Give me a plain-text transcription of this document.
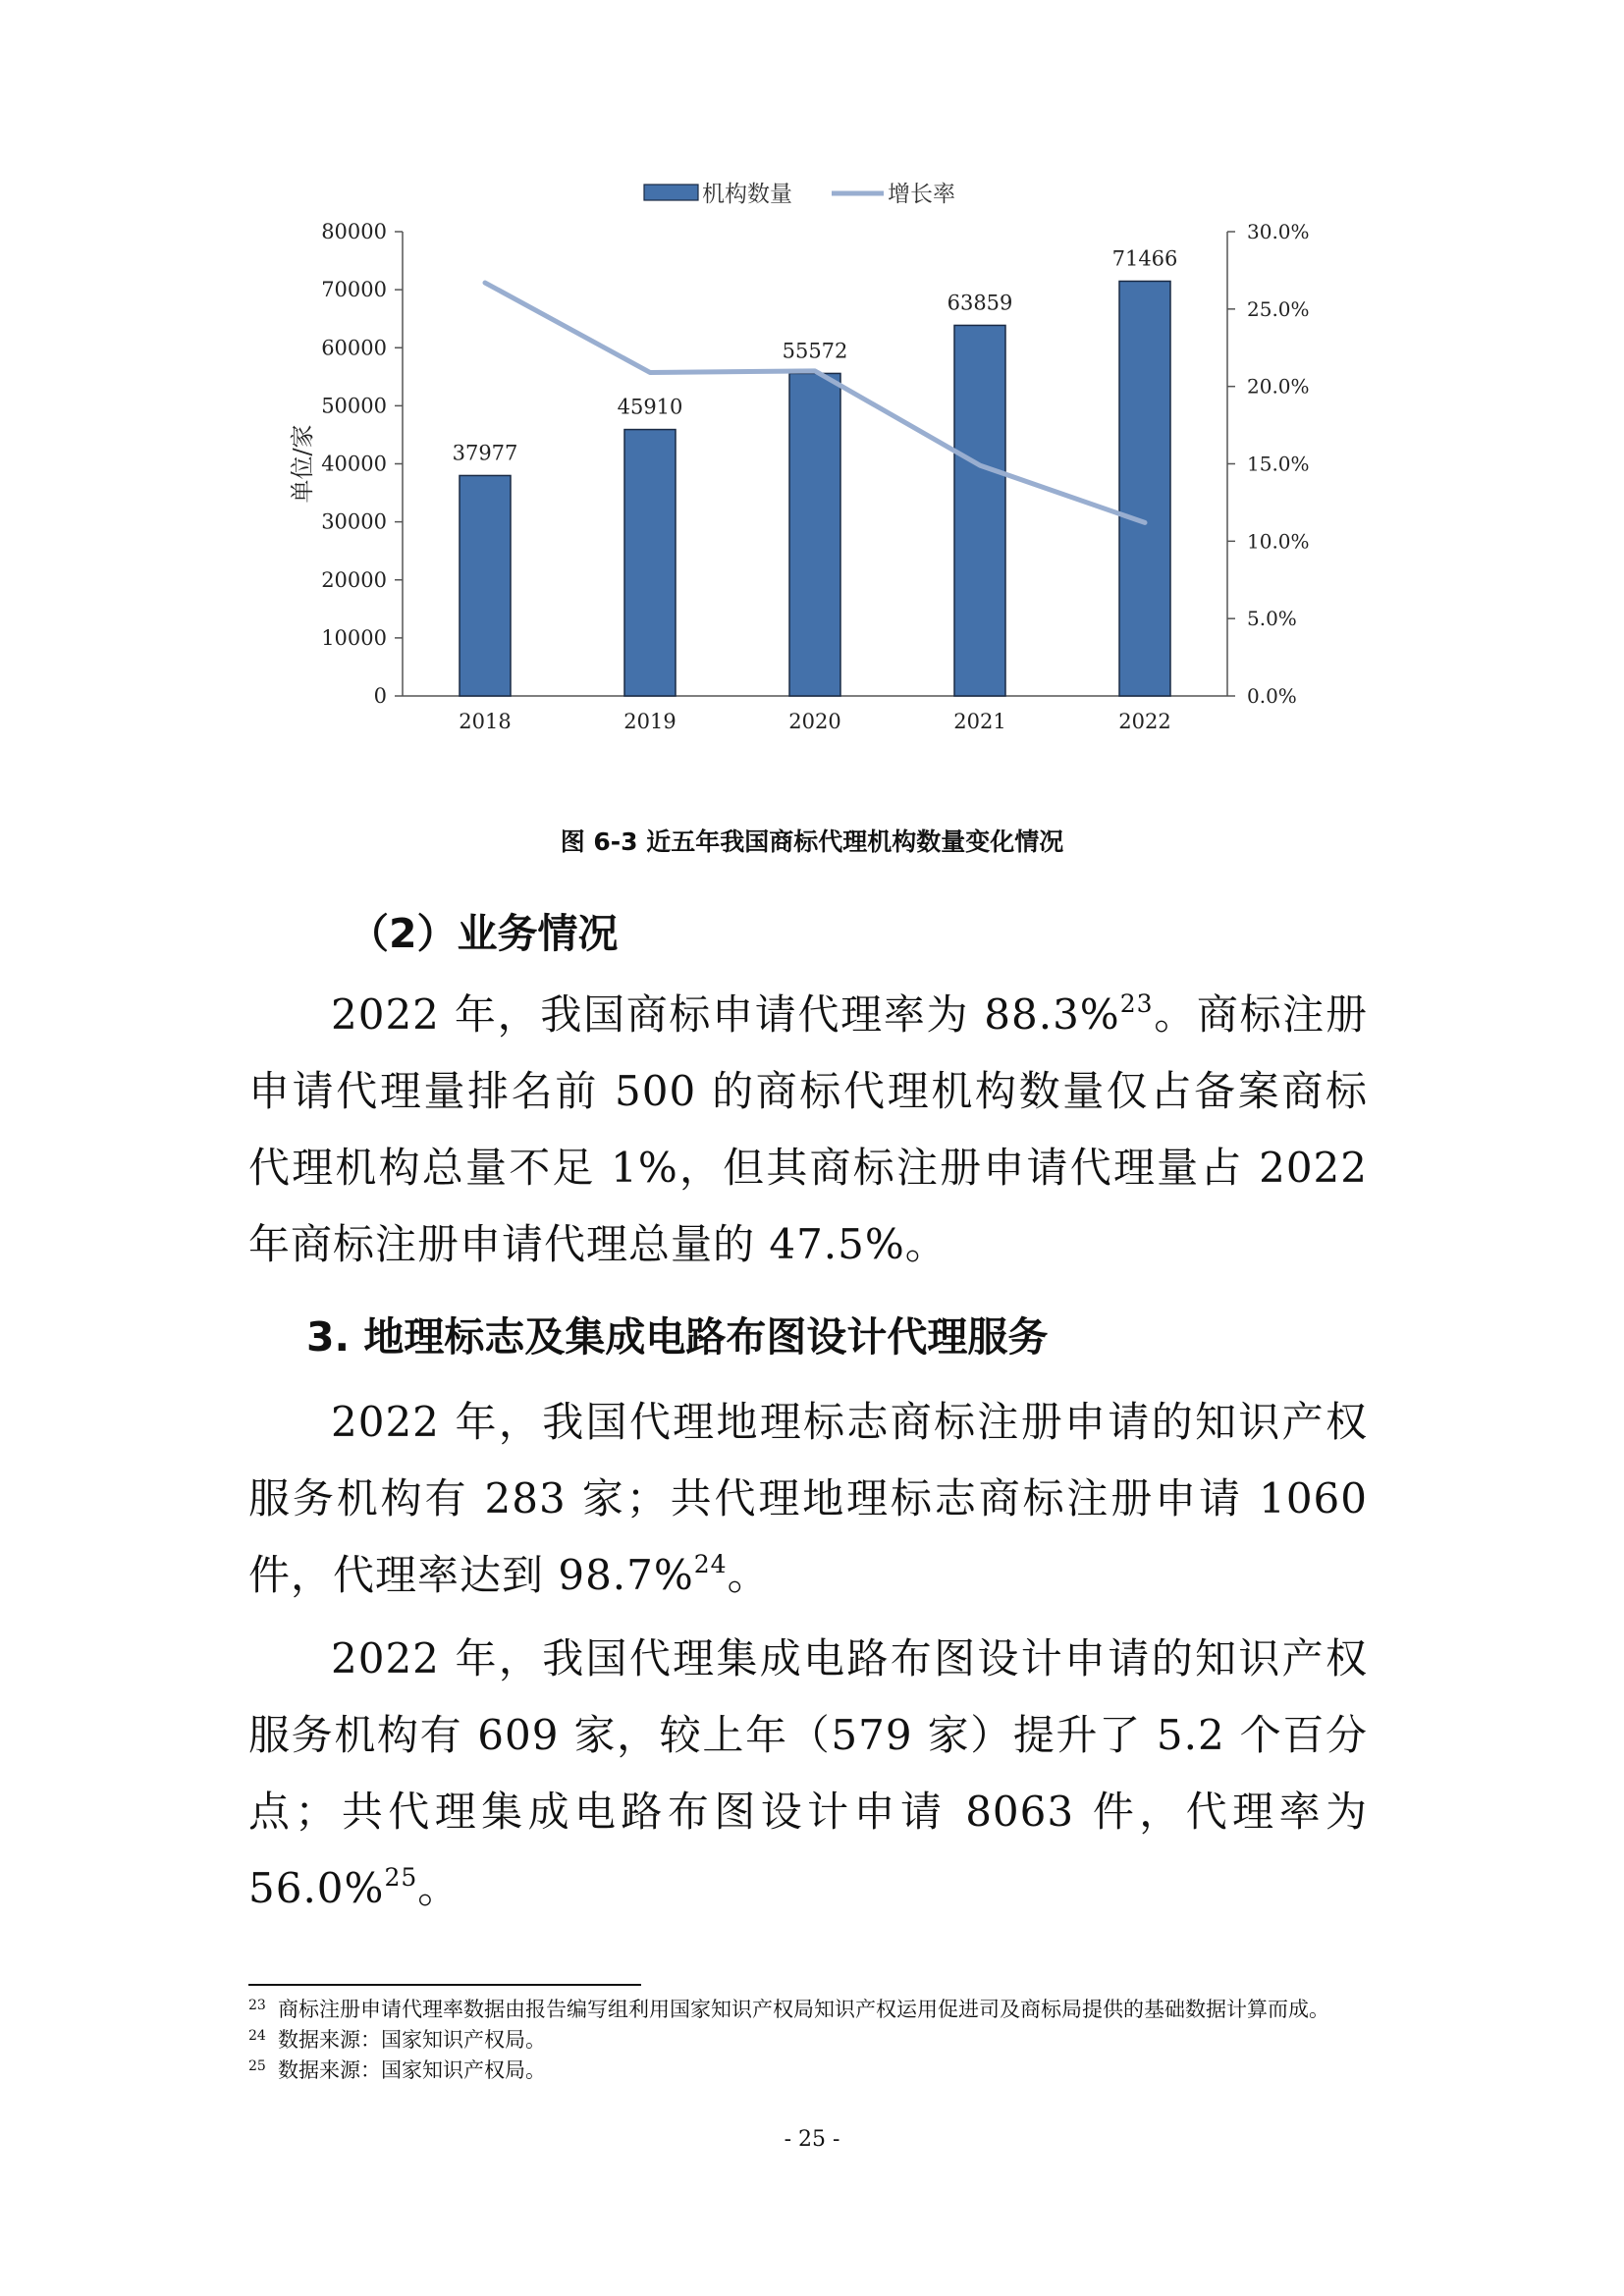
0
10000
20000
30000
40000
50000
60000
70000
80000
0.0%
5.0%
10.0%
15.0%
20.0%
25.0%
30.0%
单位/家	37977
45910
55572
63859
71466
2018	2019	2020	2021	2022
机构数量	增长率
图 6-3 近五年我国商标代理机构数量变化情况
（2）业务情况

2022 年，我国商标申请代理率为 88.3%$^{23}$。商标注册申请代理量排名前 500 的商标代理机构数量仅占备案商标代理机构总量不足 1%，但其商标注册申请代理量占 2022 年商标注册申请代理总量的 47.5%。

3. 地理标志及集成电路布图设计代理服务

2022 年，我国代理地理标志商标注册申请的知识产权服务机构有 283 家；共代理地理标志商标注册申请 1060 件，代理率达到 98.7%$^{24}$。

2022 年，我国代理集成电路布图设计申请的知识产权服务机构有 609 家，较上年（579 家）提升了 5.2 个百分点；共代理集成电路布图设计申请 8063 件，代理率为 56.0%$^{25}$。

23 商标注册申请代理率数据由报告编写组利用国家知识产权局知识产权运用促进司及商标局提供的基础数据计算而成。

24 数据来源：国家知识产权局。

25 数据来源：国家知识产权局。

- 25 -
